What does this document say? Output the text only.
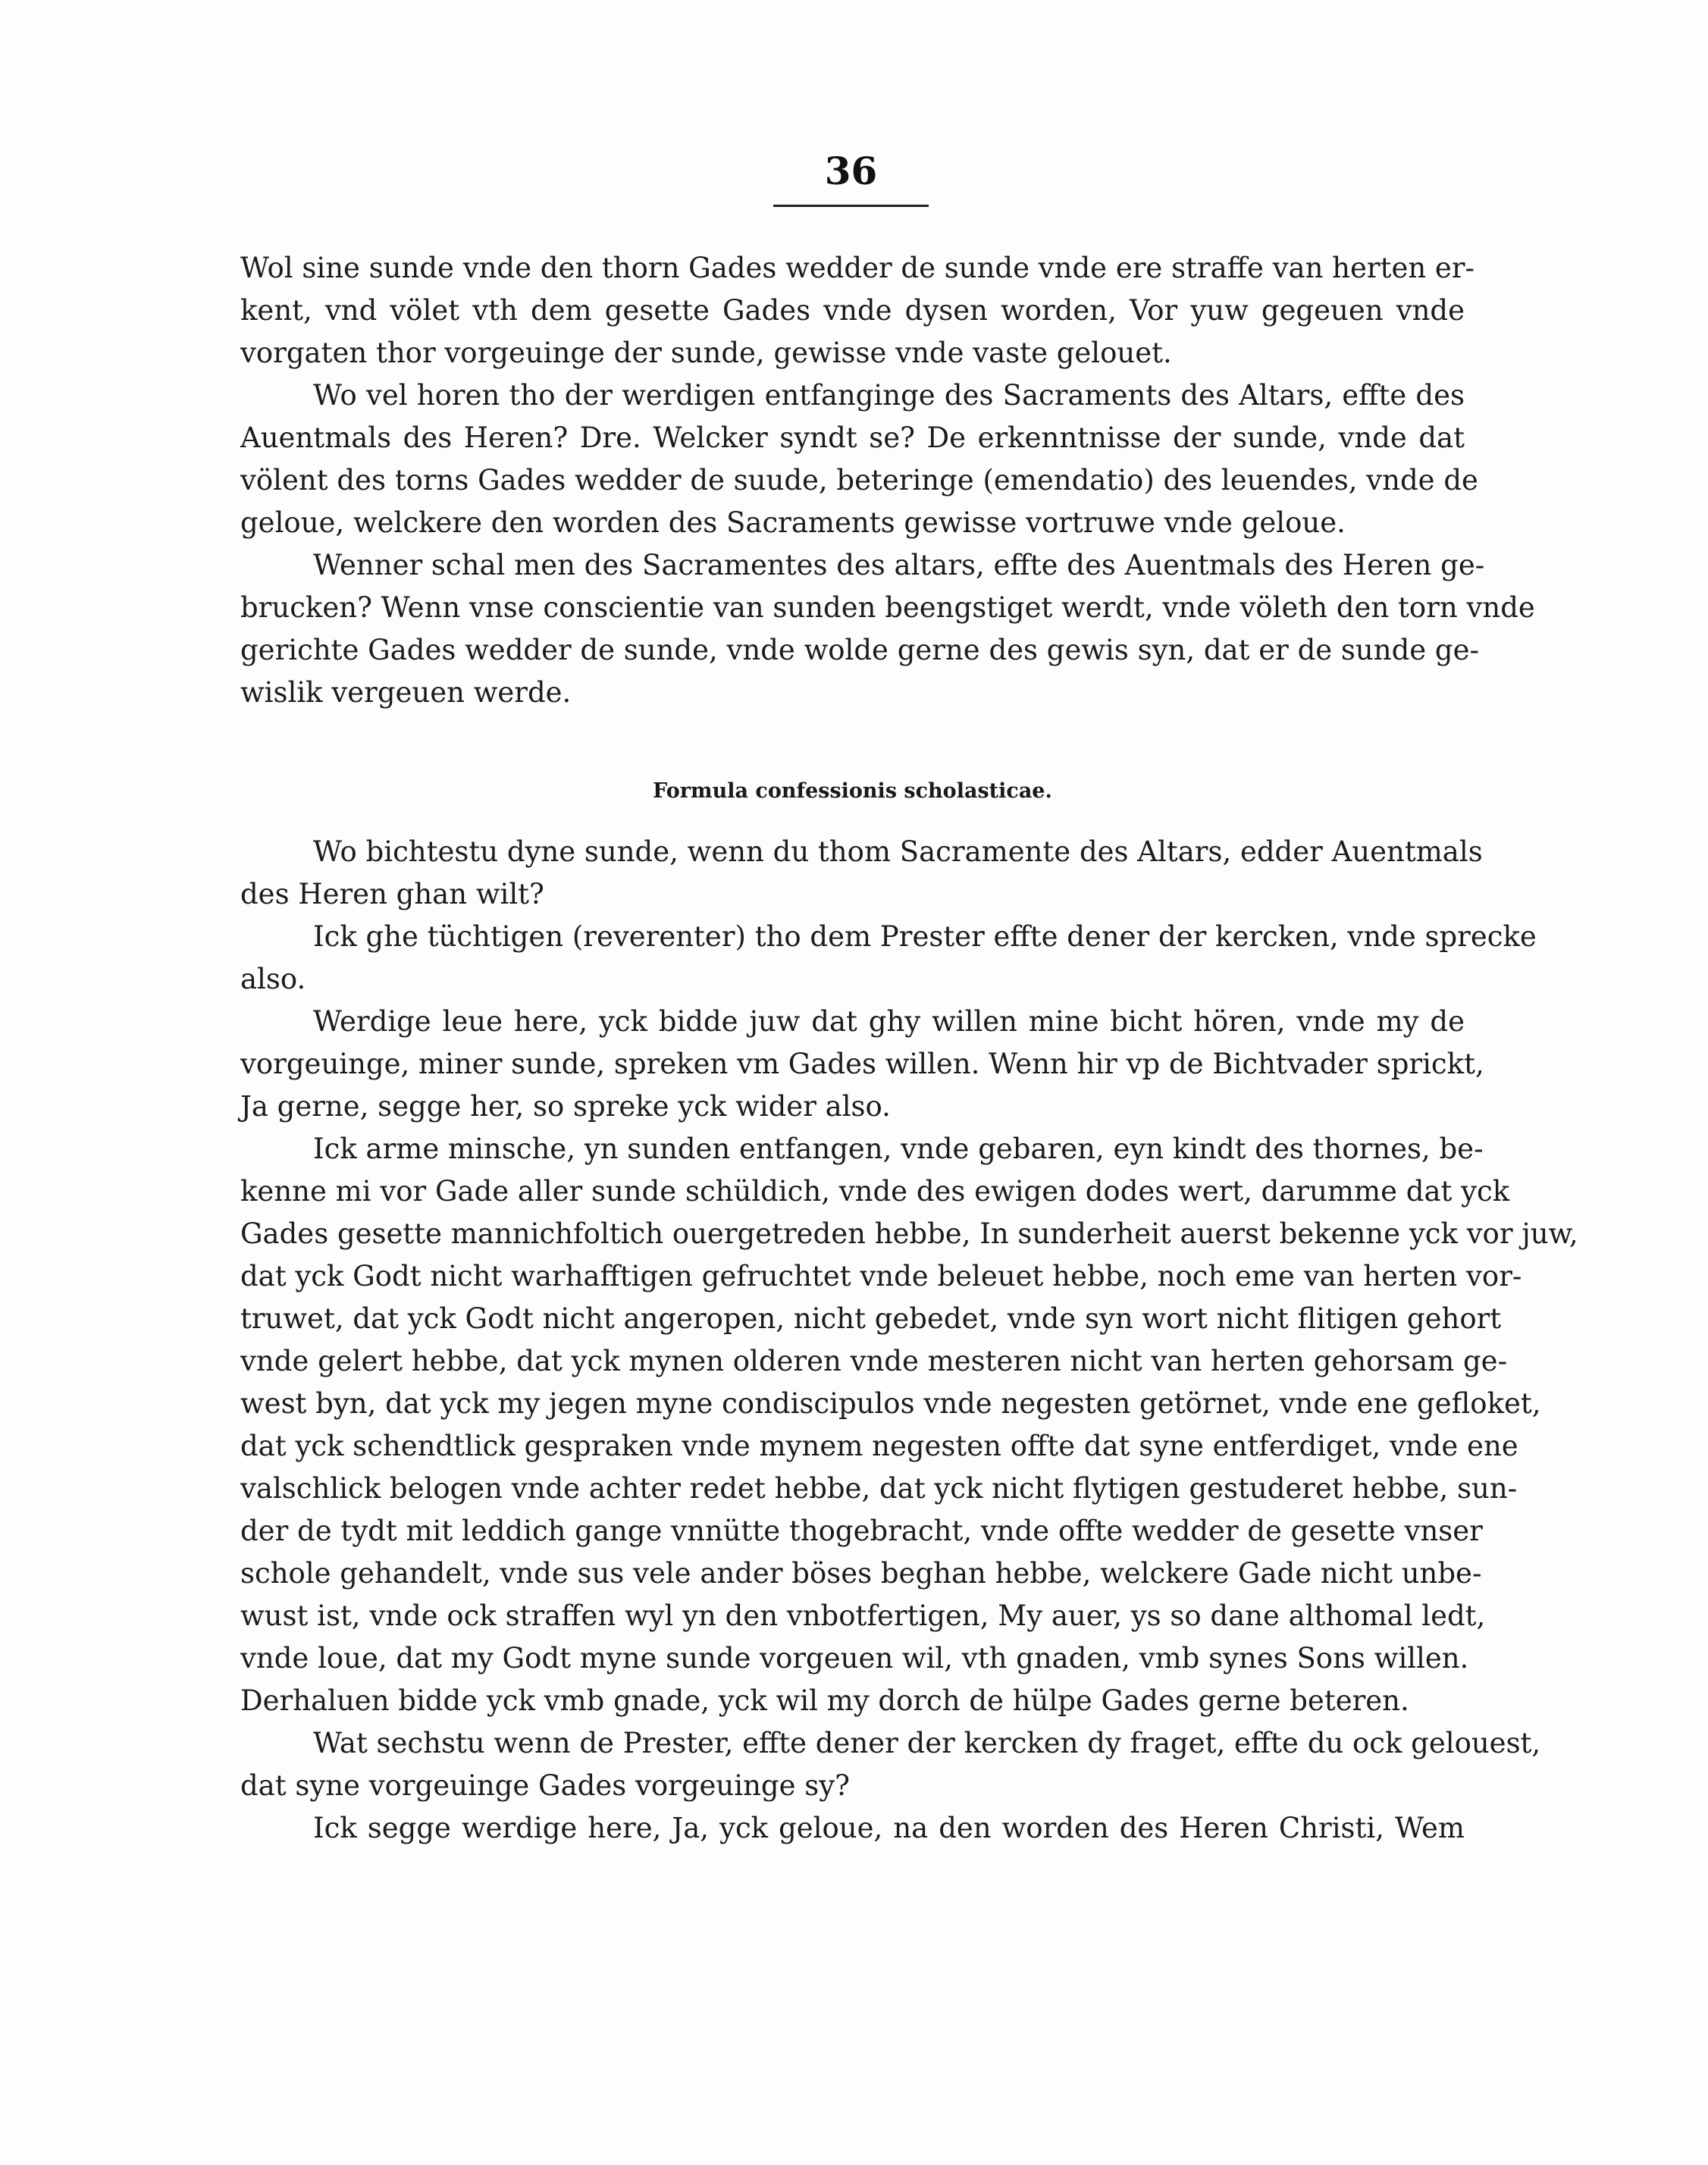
36
Wol sine sunde vnde den thorn Gades wedder de sunde vnde ere straffe van herten er-
kent, vnd völet vth dem gesette Gades vnde dysen worden, Vor yuw gegeuen vnde
vorgaten thor vorgeuinge der sunde, gewisse vnde vaste gelouet.
Wo vel horen tho der werdigen entfanginge des Sacraments des Altars, effte des
Auentmals des Heren? Dre. Welcker syndt se? De erkenntnisse der sunde, vnde dat
völent des torns Gades wedder de suude, beteringe (emendatio) des leuendes, vnde de
geloue, welckere den worden des Sacraments gewisse vortruwe vnde geloue.
Wenner schal men des Sacramentes des altars, effte des Auentmals des Heren ge-
brucken? Wenn vnse conscientie van sunden beengstiget werdt, vnde völeth den torn vnde
gerichte Gades wedder de sunde, vnde wolde gerne des gewis syn, dat er de sunde ge-
wislik vergeuen werde.
Formula confessionis scholasticae.
Wo bichtestu dyne sunde, wenn du thom Sacramente des Altars, edder Auentmals
des Heren ghan wilt?
Ick ghe tüchtigen (reverenter) tho dem Prester effte dener der kercken, vnde sprecke
also.
Werdige leue here, yck bidde juw dat ghy willen mine bicht hören, vnde my de
vorgeuinge, miner sunde, spreken vm Gades willen. Wenn hir vp de Bichtvader sprickt,
Ja gerne, segge her, so spreke yck wider also.
Ick arme minsche, yn sunden entfangen, vnde gebaren, eyn kindt des thornes, be-
kenne mi vor Gade aller sunde schüldich, vnde des ewigen dodes wert, darumme dat yck
Gades gesette mannichfoltich ouergetreden hebbe, In sunderheit auerst bekenne yck vor juw,
dat yck Godt nicht warhafftigen gefruchtet vnde beleuet hebbe, noch eme van herten vor-
truwet, dat yck Godt nicht angeropen, nicht gebedet, vnde syn wort nicht flitigen gehort
vnde gelert hebbe, dat yck mynen olderen vnde mesteren nicht van herten gehorsam ge-
west byn, dat yck my jegen myne condiscipulos vnde negesten getörnet, vnde ene gefloket,
dat yck schendtlick gespraken vnde mynem negesten offte dat syne entferdiget, vnde ene
valschlick belogen vnde achter redet hebbe, dat yck nicht flytigen gestuderet hebbe, sun-
der de tydt mit leddich gange vnnütte thogebracht, vnde offte wedder de gesette vnser
schole gehandelt, vnde sus vele ander böses beghan hebbe, welckere Gade nicht unbe-
wust ist, vnde ock straffen wyl yn den vnbotfertigen, My auer, ys so dane althomal ledt,
vnde loue, dat my Godt myne sunde vorgeuen wil, vth gnaden, vmb synes Sons willen.
Derhaluen bidde yck vmb gnade, yck wil my dorch de hülpe Gades gerne beteren.
Wat sechstu wenn de Prester, effte dener der kercken dy fraget, effte du ock gelouest,
dat syne vorgeuinge Gades vorgeuinge sy?
Ick segge werdige here, Ja, yck geloue, na den worden des Heren Christi, Wem
